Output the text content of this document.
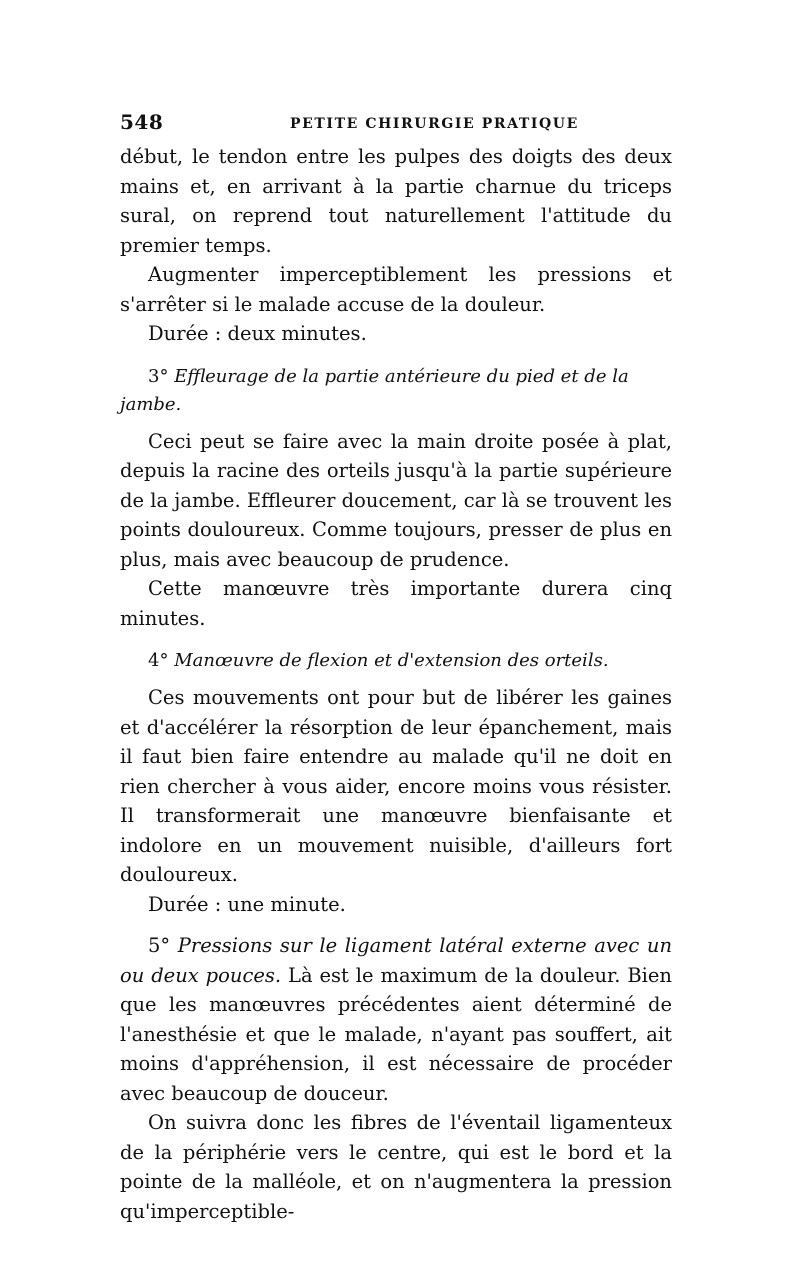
548	PETITE CHIRURGIE PRATIQUE

début, le tendon entre les pulpes des doigts des deux mains et, en arrivant à la partie charnue du triceps sural, on reprend tout naturellement l'attitude du premier temps.

Augmenter imperceptiblement les pressions et s'arrêter si le malade accuse de la douleur.

Durée : deux minutes.

3° Effleurage de la partie antérieure du pied et de la jambe.

Ceci peut se faire avec la main droite posée à plat, depuis la racine des orteils jusqu'à la partie supérieure de la jambe. Effleurer doucement, car là se trouvent les points douloureux. Comme toujours, presser de plus en plus, mais avec beaucoup de prudence.

Cette manœuvre très importante durera cinq minutes.

4° Manœuvre de flexion et d'extension des orteils.

Ces mouvements ont pour but de libérer les gaines et d'accélérer la résorption de leur épanchement, mais il faut bien faire entendre au malade qu'il ne doit en rien chercher à vous aider, encore moins vous résister. Il transformerait une manœuvre bienfaisante et indolore en un mouvement nuisible, d'ailleurs fort douloureux.

Durée : une minute.

5° Pressions sur le ligament latéral externe avec un ou deux pouces. Là est le maximum de la douleur. Bien que les manœuvres précédentes aient déterminé de l'anesthésie et que le malade, n'ayant pas souffert, ait moins d'appréhension, il est nécessaire de procéder avec beaucoup de douceur.

On suivra donc les fibres de l'éventail ligamenteux de la périphérie vers le centre, qui est le bord et la pointe de la malléole, et on n'augmentera la pression qu'imperceptible-
